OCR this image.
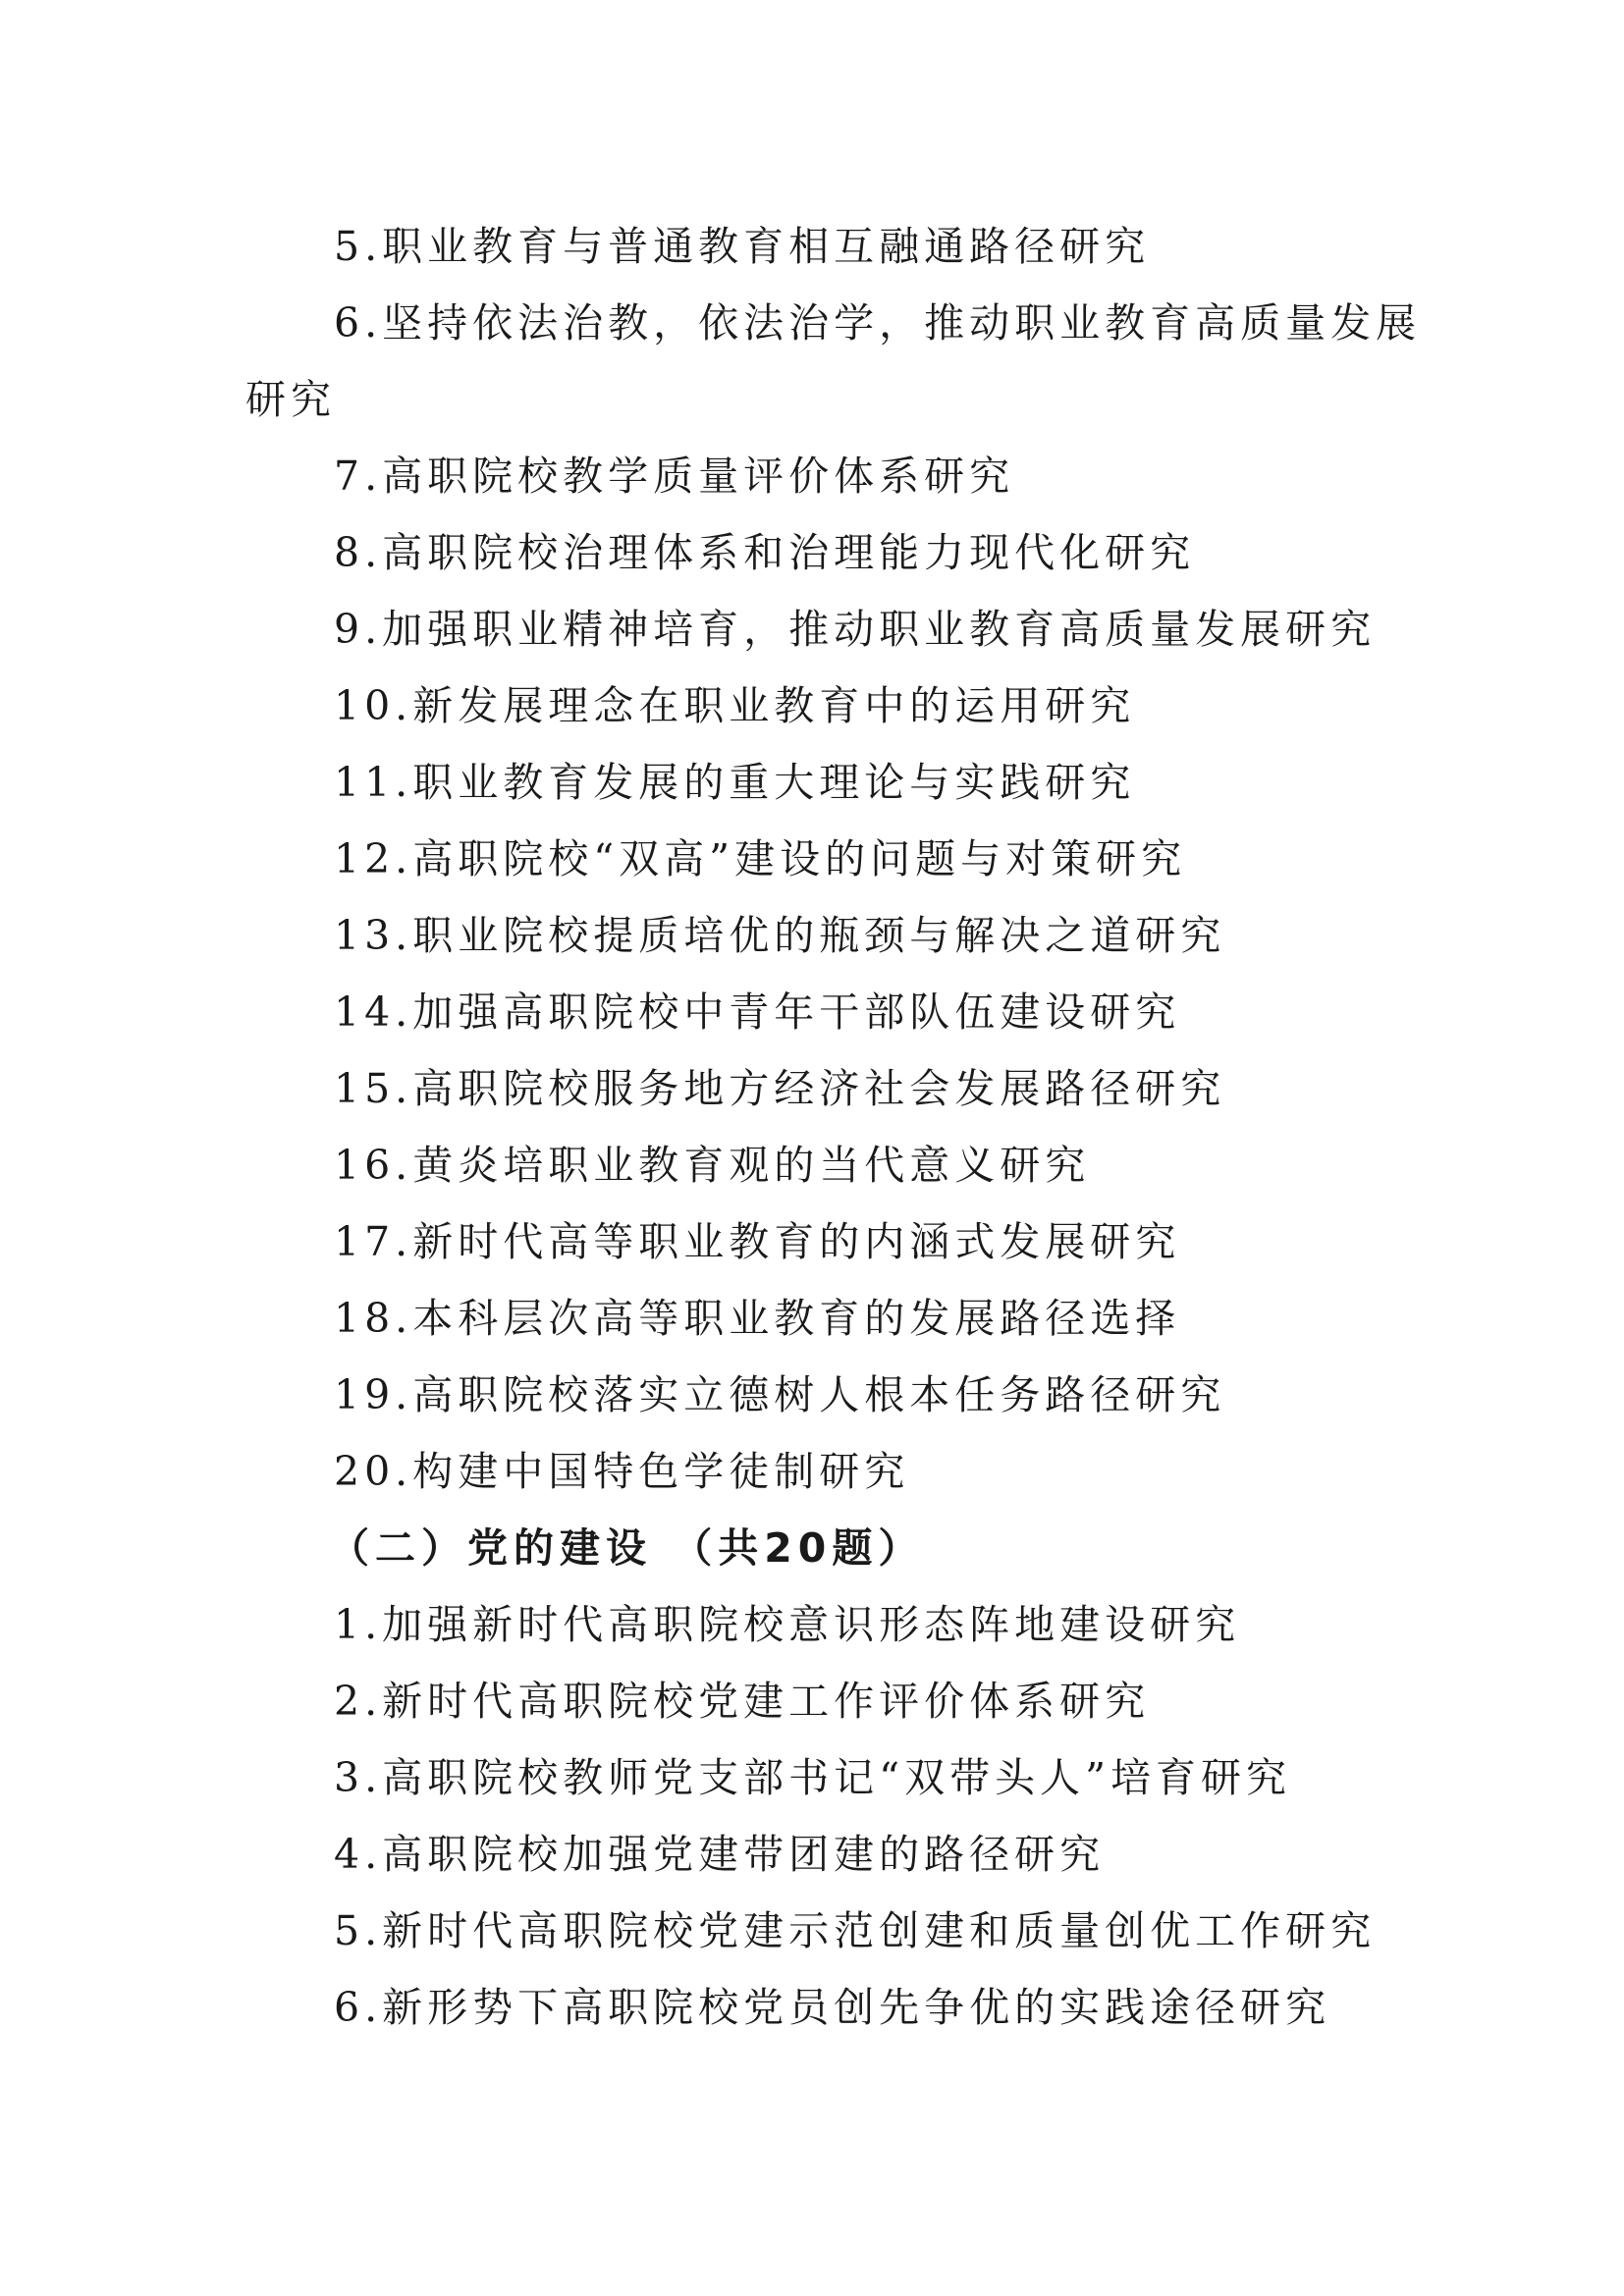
5.职业教育与普通教育相互融通路径研究
6.坚持依法治教，依法治学，推动职业教育高质量发展
研究
7.高职院校教学质量评价体系研究
8.高职院校治理体系和治理能力现代化研究
9.加强职业精神培育，推动职业教育高质量发展研究
10.新发展理念在职业教育中的运用研究
11.职业教育发展的重大理论与实践研究
12.高职院校“双高”建设的问题与对策研究
13.职业院校提质培优的瓶颈与解决之道研究
14.加强高职院校中青年干部队伍建设研究
15.高职院校服务地方经济社会发展路径研究
16.黄炎培职业教育观的当代意义研究
17.新时代高等职业教育的内涵式发展研究
18.本科层次高等职业教育的发展路径选择
19.高职院校落实立德树人根本任务路径研究
20.构建中国特色学徒制研究
（二）党的建设 （共20题）
1.加强新时代高职院校意识形态阵地建设研究
2.新时代高职院校党建工作评价体系研究
3.高职院校教师党支部书记“双带头人”培育研究
4.高职院校加强党建带团建的路径研究
5.新时代高职院校党建示范创建和质量创优工作研究
6.新形势下高职院校党员创先争优的实践途径研究
